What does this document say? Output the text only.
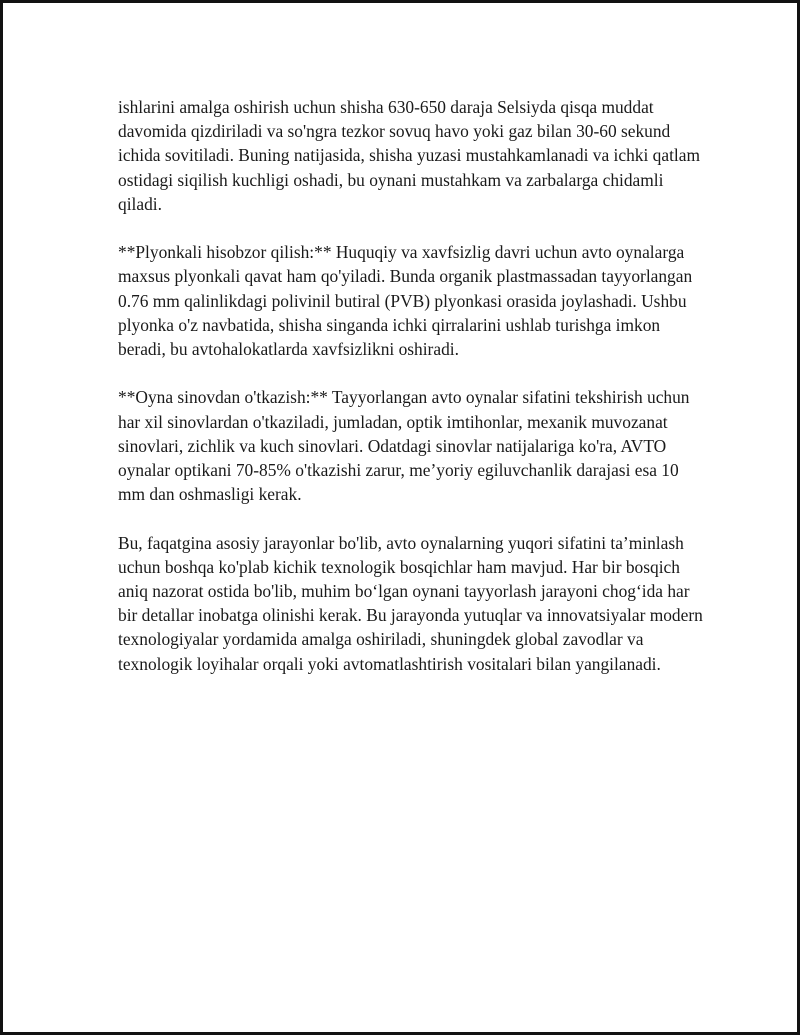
ishlarini amalga oshirish uchun shisha 630-650 daraja Selsiyda qisqa muddat davomida qizdiriladi va so'ngra tezkor sovuq havo yoki gaz bilan 30-60 sekund ichida sovitiladi. Buning natijasida, shisha yuzasi mustahkamlanadi va ichki qatlam ostidagi siqilish kuchligi oshadi, bu oynani mustahkam va zarbalarga chidamli qiladi.

**Plyonkali hisobzor qilish:** Huquqiy va xavfsizlig davri uchun avto oynalarga maxsus plyonkali qavat ham qo'yiladi. Bunda organik plastmassadan tayyorlangan 0.76 mm qalinlikdagi polivinil butiral (PVB) plyonkasi orasida joylashadi. Ushbu plyonka o'z navbatida, shisha singanda ichki qirralarini ushlab turishga imkon beradi, bu avtohalokatlarda xavfsizlikni oshiradi.

**Oyna sinovdan o'tkazish:** Tayyorlangan avto oynalar sifatini tekshirish uchun har xil sinovlardan o'tkaziladi, jumladan, optik imtihonlar, mexanik muvozanat sinovlari, zichlik va kuch sinovlari. Odatdagi sinovlar natijalariga ko'ra, AVTO oynalar optikani 70-85% o'tkazishi zarur, me’yoriy egiluvchanlik darajasi esa 10 mm dan oshmasligi kerak.

Bu, faqatgina asosiy jarayonlar bo'lib, avto oynalarning yuqori sifatini ta’minlash uchun boshqa ko'plab kichik texnologik bosqichlar ham mavjud. Har bir bosqich aniq nazorat ostida bo'lib, muhim bo‘lgan oynani tayyorlash jarayoni chog‘ida har bir detallar inobatga olinishi kerak. Bu jarayonda yutuqlar va innovatsiyalar modern texnologiyalar yordamida amalga oshiriladi, shuningdek global zavodlar va texnologik loyihalar orqali yoki avtomatlashtirish vositalari bilan yangilanadi.
